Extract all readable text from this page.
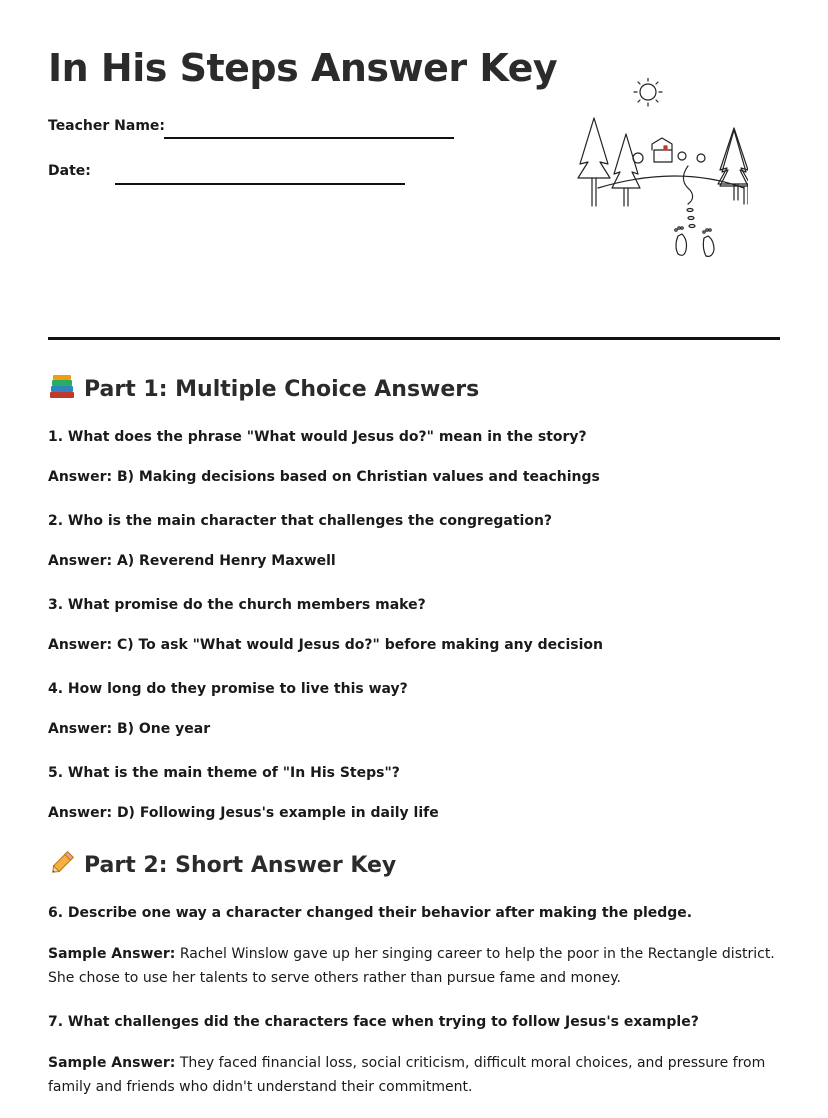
In His Steps Answer Key
Teacher Name:
Date:
Part 1: Multiple Choice Answers
1. What does the phrase "What would Jesus do?" mean in the story?
Answer: B) Making decisions based on Christian values and teachings
2. Who is the main character that challenges the congregation?
Answer: A) Reverend Henry Maxwell
3. What promise do the church members make?
Answer: C) To ask "What would Jesus do?" before making any decision
4. How long do they promise to live this way?
Answer: B) One year
5. What is the main theme of "In His Steps"?
Answer: D) Following Jesus's example in daily life
Part 2: Short Answer Key
6. Describe one way a character changed their behavior after making the pledge.
Sample Answer: Rachel Winslow gave up her singing career to help the poor in the Rectangle district. She chose to use her talents to serve others rather than pursue fame and money.
7. What challenges did the characters face when trying to follow Jesus's example?
Sample Answer: They faced financial loss, social criticism, difficult moral choices, and pressure from family and friends who didn't understand their commitment.
